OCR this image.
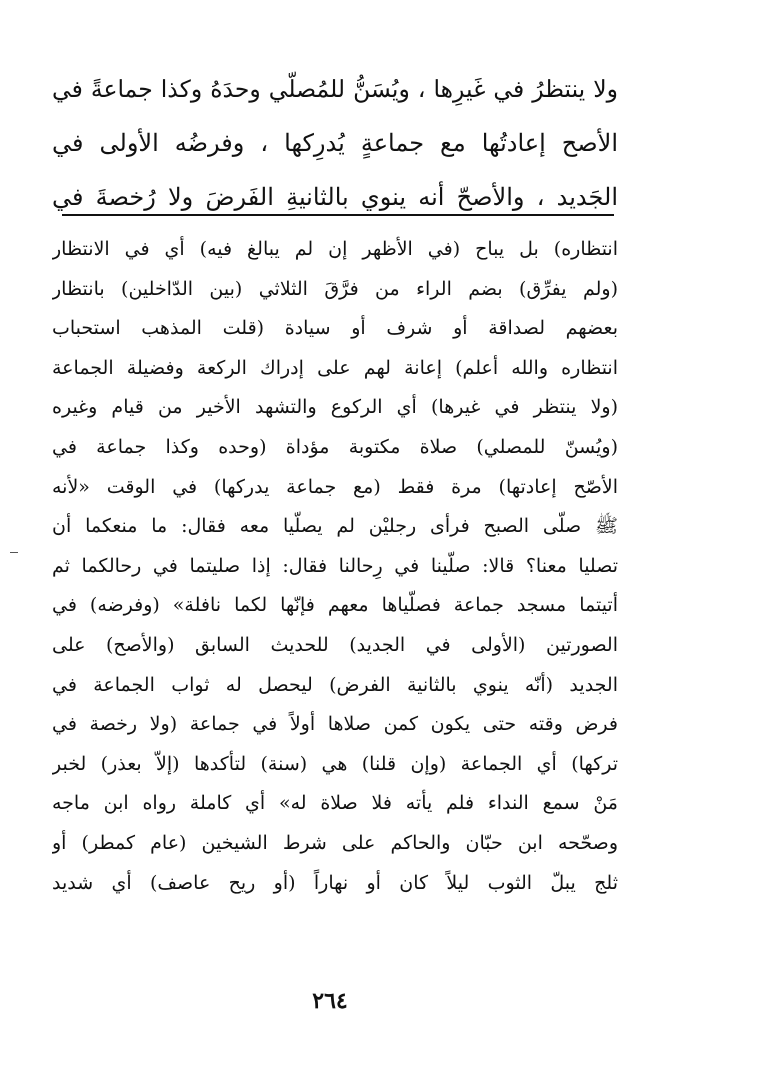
ولا ينتظرُ في غَيرِها ، ويُسَنُّ للمُصلّي وحدَهُ وكذا جماعةً في
الأصح إعادتُها مع جماعةٍ يُدرِكها ، وفرضُه الأولى في
الجَديد ، والأصحّ أنه ينوي بالثانيةِ الفَرضَ ولا رُخصةَ في
انتظاره) بل يباح (في الأظهر إن لم يبالغ فيه) أي في الانتظار
(ولم يفرِّق) بضم الراء من فرَّقَ الثلاثي (بين الدّاخلين) بانتظار
بعضهم لصداقة أو شرف أو سيادة (قلت المذهب استحباب
انتظاره والله أعلم) إعانة لهم على إدراك الركعة وفضيلة الجماعة
(ولا ينتظر في غيرها) أي الركوع والتشهد الأخير من قيام وغيره
(ويُسنّ للمصلي) صلاة مكتوبة مؤداة (وحده وكذا جماعة في
الأصّح إعادتها) مرة فقط (مع جماعة يدركها) في الوقت «لأنه
ﷺ صلّى الصبح فرأى رجليْن لم يصلّيا معه فقال: ما منعكما أن
تصليا معنا؟ قالا: صلّينا في رِحالنا فقال: إذا صليتما في رحالكما ثم
أتيتما مسجد جماعة فصلّياها معهم فإنّها لكما نافلة» (وفرضه) في
الصورتين (الأولى في الجديد) للحديث السابق (والأصح) على
الجديد (أنّه ينوي بالثانية الفرض) ليحصل له ثواب الجماعة في
فرض وقته حتى يكون كمن صلاها أولاً في جماعة (ولا رخصة في
تركها) أي الجماعة (وإن قلنا) هي (سنة) لتأكدها (إلاّ بعذر) لخبر
مَنْ سمع النداء فلم يأته فلا صلاة له» أي كاملة رواه ابن ماجه
وصحّحه ابن حبّان والحاكم على شرط الشيخين (عام كمطر) أو
ثلج يبلّ الثوب ليلاً كان أو نهاراً (أو ريح عاصف) أي شديد
٢٦٤
